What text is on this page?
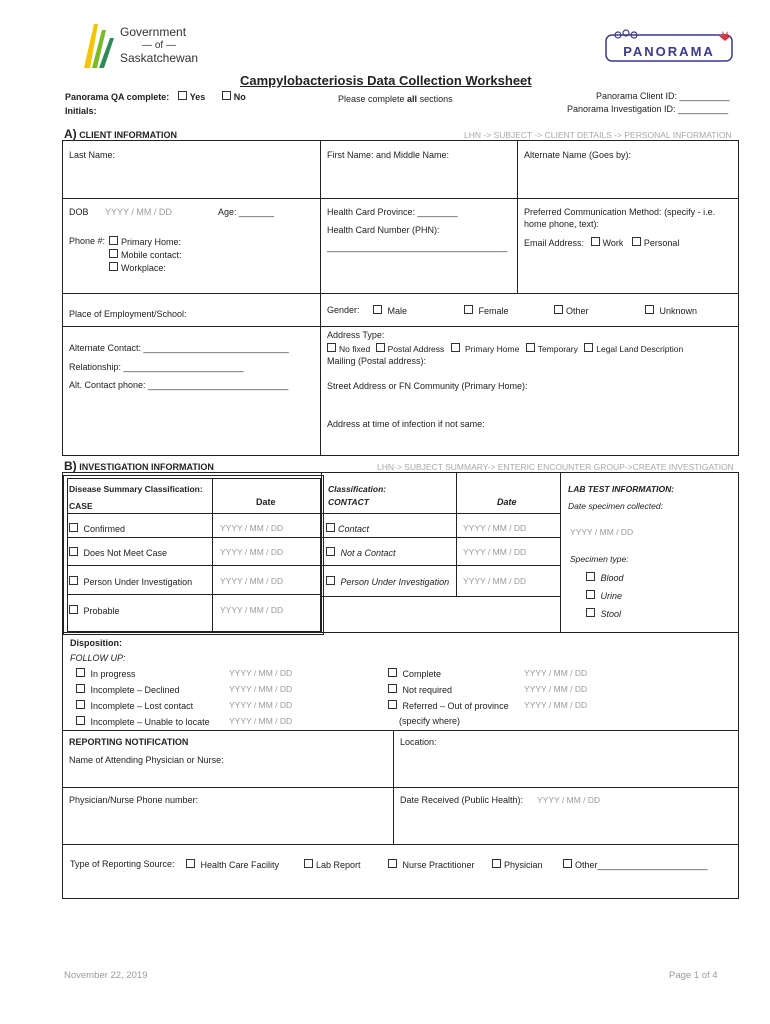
Government
— of —
Saskatchewan	PANORAMA
Campylobacteriosis Data Collection Worksheet
Panorama QA complete: Yes	No
Initials:
Please complete all sections	Panorama Client ID: __________
Panorama Investigation ID: __________
A) CLIENT INFORMATION	LHN -> SUBJECT -> CLIENT DETAILS -> PERSONAL INFORMATION
Last Name:	First Name: and Middle Name:	Alternate Name (Goes by):
DOB YYYY / MM / DD	Age: _______
Phone #:	Primary Home:
Mobile contact:
Workplace:
Health Card Province: ________
Health Card Number (PHN):
____________________________________
Preferred Communication Method: (specify - i.e. home phone, text):
Email Address: Work Personal
Place of Employment/School:	Gender:	Male	Female	Other	Unknown
Alternate Contact: _____________________________
Relationship: ________________________
Alt. Contact phone: ____________________________
Address Type:
No fixed Postal Address Primary Home Temporary Legal Land Description
Mailing (Postal address):
Street Address or FN Community (Primary Home):
Address at time of infection if not same:
B) INVESTIGATION INFORMATION	LHN-> SUBJECT SUMMARY-> ENTERIC ENCOUNTER GROUP->CREATE INVESTIGATION
Disease Summary Classification:
CASE	Date
Classification:
CONTACT	Date
LAB TEST INFORMATION:
Date specimen collected:
YYYY / MM / DD
Specimen type:
Blood
Urine
Stool
Confirmed	YYYY / MM / DD
Does Not Meet Case	YYYY / MM / DD
Person Under Investigation	YYYY / MM / DD
Probable	YYYY / MM / DD
Contact	YYYY / MM / DD
Not a Contact	YYYY / MM / DD
Person Under Investigation YYYY / MM / DD
Disposition:
FOLLOW UP:
In progress	YYYY / MM / DD
Incomplete – Declined	YYYY / MM / DD
Incomplete – Lost contact	YYYY / MM / DD
Incomplete – Unable to locate YYYY / MM / DD
Complete	YYYY / MM / DD
Not required	YYYY / MM / DD
Referred – Out of province YYYY / MM / DD
(specify where)
REPORTING NOTIFICATION
Name of Attending Physician or Nurse:
Location:
Physician/Nurse Phone number:	Date Received (Public Health): YYYY / MM / DD
Type of Reporting Source:	Health Care Facility	Lab Report	Nurse Practitioner	Physician	Other______________________
November 22, 2019	Page 1 of 4
